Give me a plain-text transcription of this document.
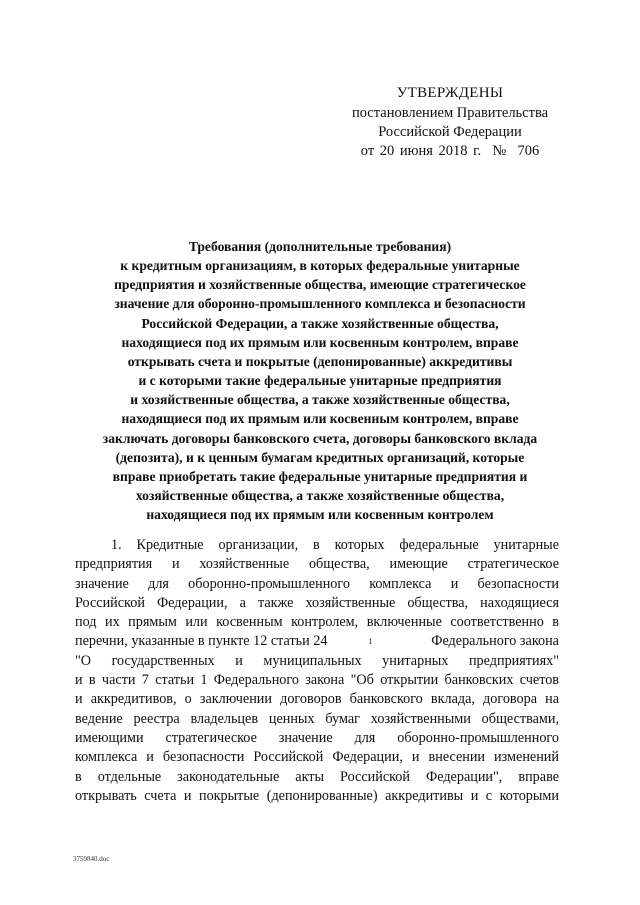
УТВЕРЖДЕНЫ
постановлением Правительства
Российской Федерации
от 20 июня 2018 г.  №  706
Требования (дополнительные требования)
к кредитным организациям, в которых федеральные унитарные
предприятия и хозяйственные общества, имеющие стратегическое
значение для оборонно-промышленного комплекса и безопасности
Российской Федерации, а также хозяйственные общества,
находящиеся под их прямым или косвенным контролем, вправе
открывать счета и покрытые (депонированные) аккредитивы
и с которыми такие федеральные унитарные предприятия
и хозяйственные общества, а также хозяйственные общества,
находящиеся под их прямым или косвенным контролем, вправе
заключать договоры банковского счета, договоры банковского вклада
(депозита), и к ценным бумагам кредитных организаций, которые
вправе приобретать такие федеральные унитарные предприятия и
хозяйственные общества, а также хозяйственные общества,
находящиеся под их прямым или косвенным контролем
1. Кредитные организации, в которых федеральные унитарные
предприятия и хозяйственные общества, имеющие стратегическое
значение для оборонно-промышленного комплекса и безопасности
Российской Федерации, а также хозяйственные общества, находящиеся
под их прямым или косвенным контролем, включенные соответственно в
перечни, указанные в пункте 12 статьи 24	1	Федерального закона
"О государственных и муниципальных унитарных предприятиях"
и в части 7 статьи 1 Федерального закона "Об открытии банковских счетов
и аккредитивов, о заключении договоров банковского вклада, договора на
ведение реестра владельцев ценных бумаг хозяйственными обществами,
имеющими стратегическое значение для оборонно-промышленного
комплекса и безопасности Российской Федерации, и внесении изменений
в отдельные законодательные акты Российской Федерации", вправе
открывать счета и покрытые (депонированные) аккредитивы и с которыми
3759840.doc
